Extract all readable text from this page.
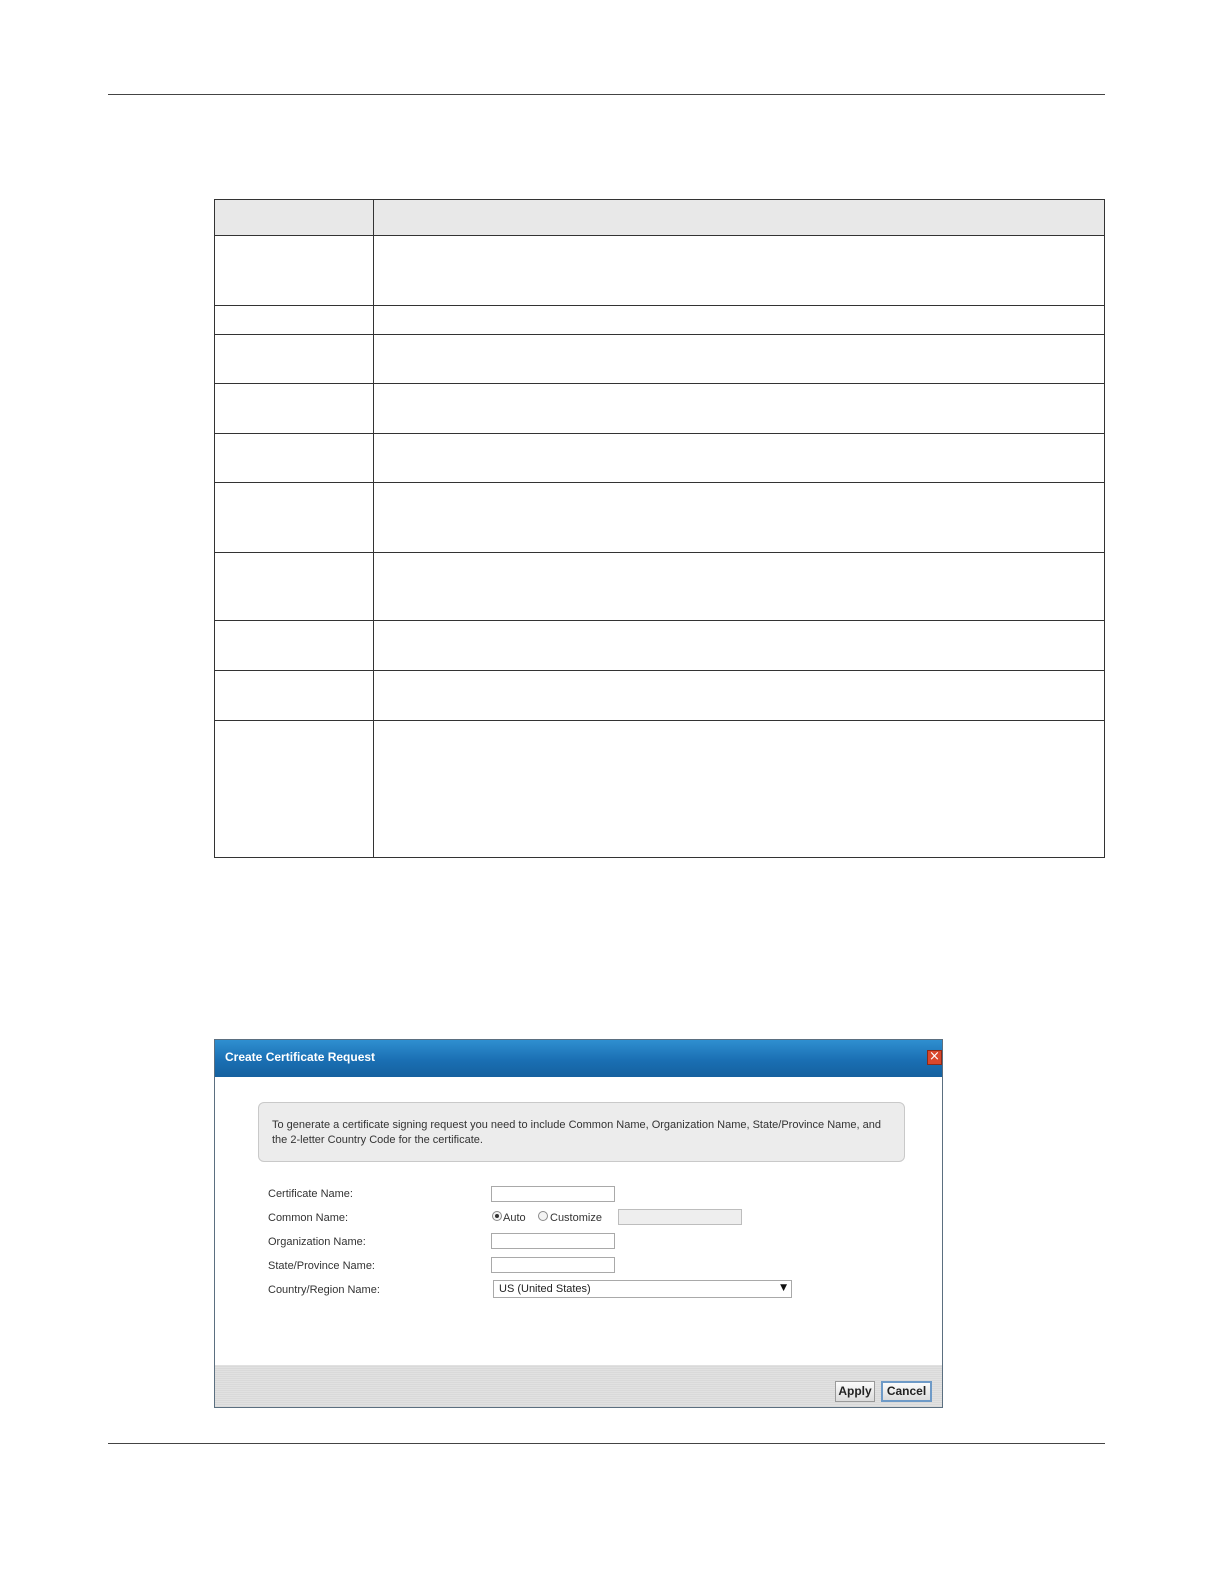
Create Certificate Request	×
To generate a certificate signing request you need to include Common Name, Organization Name, State/Province Name, and the 2-letter Country Code for the certificate.
Certificate Name:
Common Name:	Auto Customize
Organization Name:
State/Province Name:
Country/Region Name:	US (United States)	▼
Apply	Cancel
